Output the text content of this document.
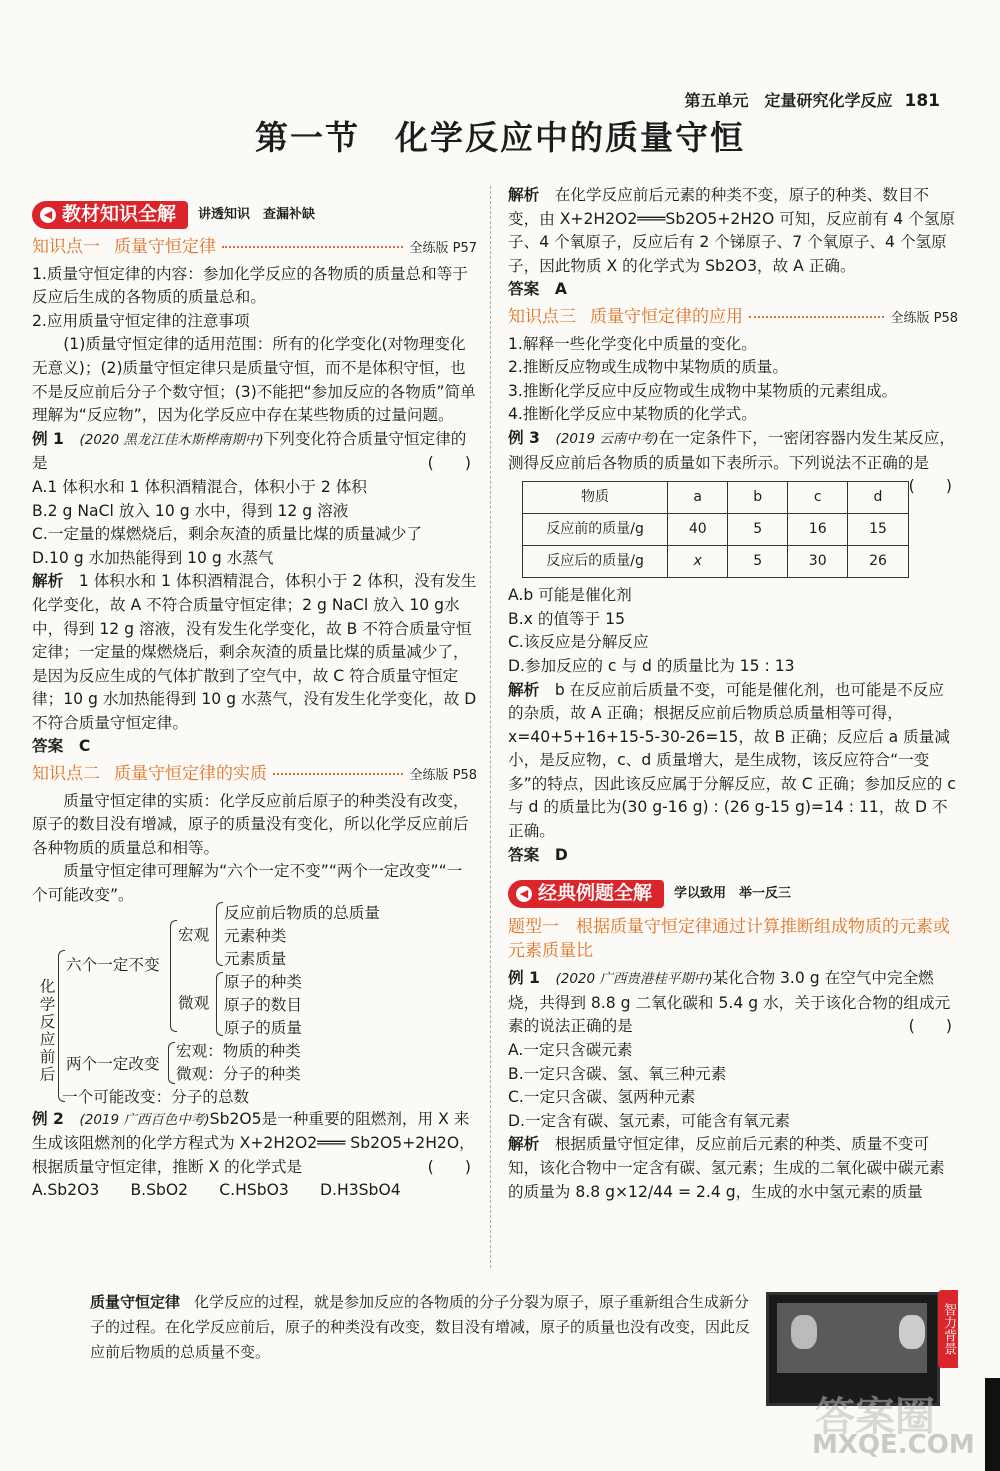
第五单元　 定量研究化学反应 181
第一节　化学反应中的质量守恒
◀ 教材知识全解 讲透知识　查漏补缺
知识点一 质量守恒定律	全练版 P57

1.质量守恒定律的内容：参加化学反应的各物质的质量总和等于反应后生成的各物质的质量总和。

2.应用质量守恒定律的注意事项

(1)质量守恒定律的适用范围：所有的化学变化(对物理变化无意义)；(2)质量守恒定律只是质量守恒，而不是体积守恒，也不是反应前后分子个数守恒；(3)不能把“参加反应的各物质”简单理解为“反应物”，因为化学反应中存在某些物质的过量问题。

例 1　 (2020 黑龙江佳木斯桦南期中)下列变化符合质量守恒定律的是	(　　)

A.1 体积水和 1 体积酒精混合，体积小于 2 体积

B.2 g NaCl 放入 10 g 水中，得到 12 g 溶液

C.一定量的煤燃烧后，剩余灰渣的质量比煤的质量减少了

D.10 g 水加热能得到 10 g 水蒸气

解析　 1 体积水和 1 体积酒精混合，体积小于 2 体积，没有发生化学变化，故 A 不符合质量守恒定律；2 g NaCl 放入 10 g水中，得到 12 g 溶液，没有发生化学变化，故 B 不符合质量守恒定律；一定量的煤燃烧后，剩余灰渣的质量比煤的质量减少了，是因为反应生成的气体扩散到了空气中，故 C 符合质量守恒定律；10 g 水加热能得到 10 g 水蒸气，没有发生化学变化，故 D 不符合质量守恒定律。

答案　 C

知识点二 质量守恒定律的实质	全练版 P58

质量守恒定律的实质：化学反应前后原子的种类没有改变，原子的数目没有增减，原子的质量没有变化，所以化学反应前后各种物质的质量总和相等。

质量守恒定律可理解为“六个一定不变”“两个一定改变”“一个可能改变”。

化学反应前后
六个一定不变
宏观
微观
反应前后物质的总质量
元素种类
元素质量
原子的种类
原子的数目
原子的质量
两个一定改变
宏观：物质的种类
微观：分子的种类
一个可能改变：分子的总数

例 2　 (2019 广西百色中考)Sb2O5是一种重要的阻燃剂，用 X 来生成该阻燃剂的化学方程式为 X+2H2O2═══ Sb2O5+2H2O，根据质量守恒定律，推断 X 的化学式是	(　　)

A.Sb2O3　　B.SbO2　　C.HSbO3　　D.H3SbO4

解析　 在化学反应前后元素的种类不变，原子的种类、数目不变，由 X+2H2O2═══Sb2O5+2H2O 可知，反应前有 4 个氢原子、4 个氧原子，反应后有 2 个锑原子、7 个氧原子、4 个氢原子，因此物质 X 的化学式为 Sb2O3，故 A 正确。

答案　 A

知识点三 质量守恒定律的应用	全练版 P58

1.解释一些化学变化中质量的变化。

2.推断反应物或生成物中某物质的质量。

3.推断化学反应中反应物或生成物中某物质的元素组成。

4.推断化学反应中某物质的化学式。

例 3　 (2019 云南中考)在一定条件下，一密闭容器内发生某反应，测得反应前后各物质的质量如下表所示。下列说法不正确的是
(　　)

物质	a	b	c	d
反应前的质量/g	40	5	16	15
反应后的质量/g	x	5	30	26

A.b 可能是催化剂

B.x 的值等于 15

C.该反应是分解反应

D.参加反应的 c 与 d 的质量比为 15 : 13

解析　 b 在反应前后质量不变，可能是催化剂，也可能是不反应的杂质，故 A 正确；根据反应前后物质总质量相等可得，x=40+5+16+15-5-30-26=15，故 B 正确；反应后 a 质量减小，是反应物，c、d 质量增大，是生成物，该反应符合“一变多”的特点，因此该反应属于分解反应，故 C 正确；参加反应的 c 与 d 的质量比为(30 g-16 g) : (26 g-15 g)=14 : 11，故 D 不正确。

答案　 D

◀ 经典例题全解 学以致用　举一反三

题型一　 根据质量守恒定律通过计算推断组成物质的元素或元素质量比

例 1　 (2020 广西贵港桂平期中)某化合物 3.0 g 在空气中完全燃烧，共得到 8.8 g 二氧化碳和 5.4 g 水，关于该化合物的组成元素的说法正确的是	(　　)

A.一定只含碳元素

B.一定只含碳、氢、氧三种元素

C.一定只含碳、氢两种元素

D.一定含有碳、氢元素，可能含有氧元素

解析　 根据质量守恒定律，反应前后元素的种类、质量不变可知，该化合物中一定含有碳、氢元素；生成的二氧化碳中碳元素的质量为 8.8 g×12/44 = 2.4 g，生成的水中氢元素的质量

质量守恒定律 化学反应的过程，就是参加反应的各物质的分子分裂为原子，原子重新组合生成新分子的过程。在化学反应前后，原子的种类没有改变，数目没有增减，原子的质量也没有改变，因此反应前后物质的总质量不变。	智力背景
答案圈
MXQE.COM
